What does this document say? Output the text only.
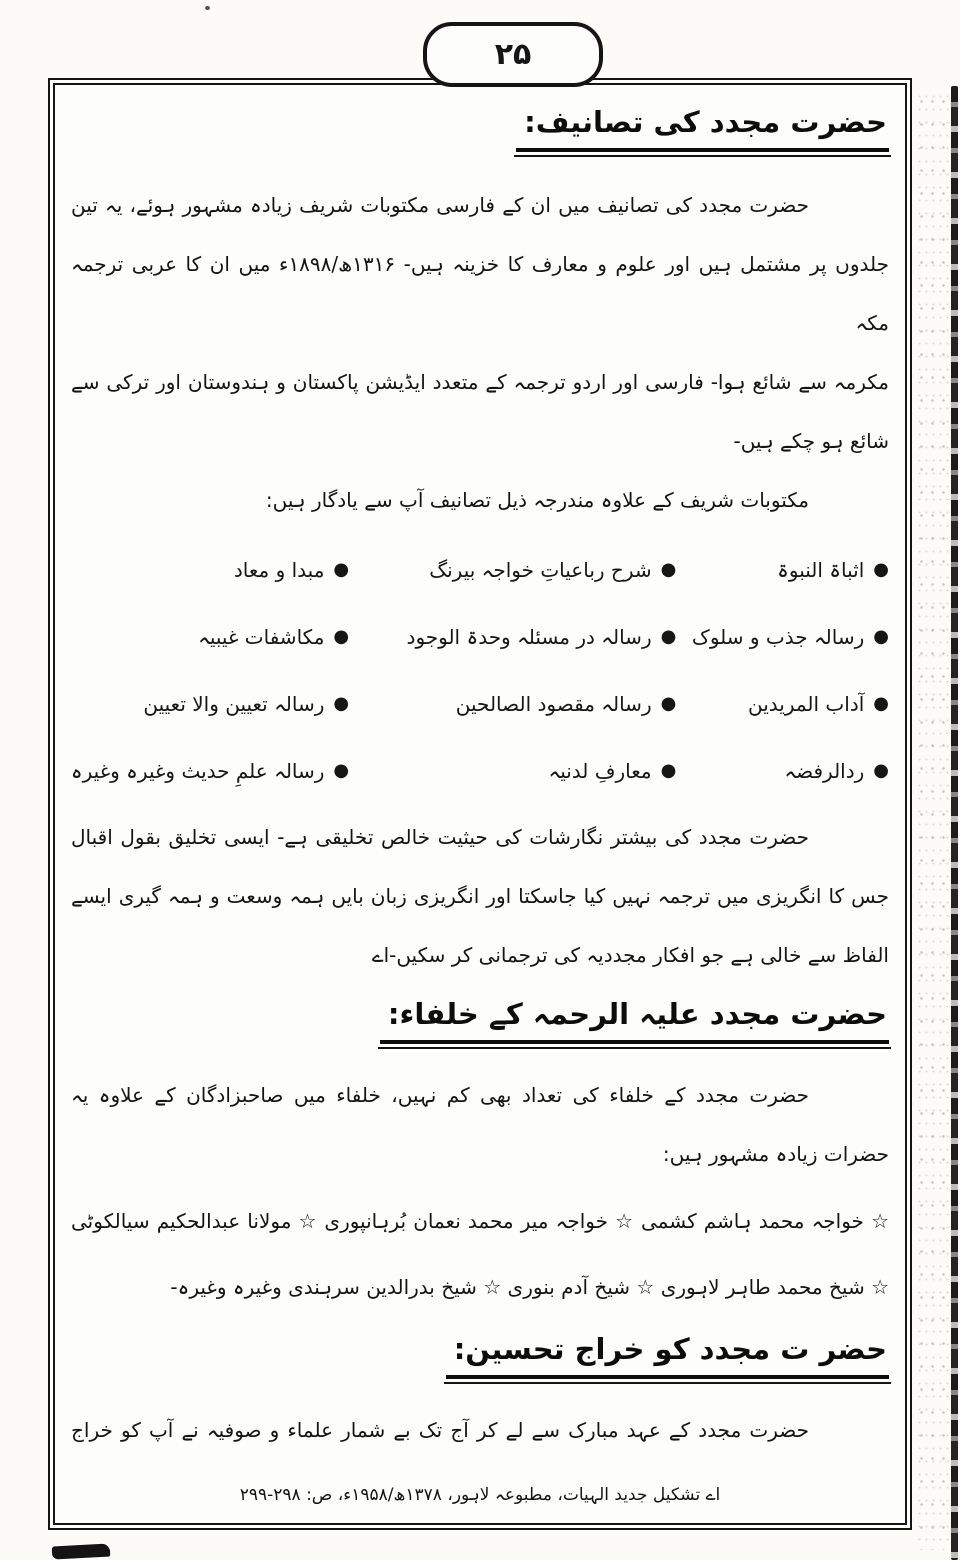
۲۵
حضرت مجدد کی تصانیف:
حضرت مجدد کی تصانیف میں ان کے فارسی مکتوبات شریف زیادہ مشہور ہوئے، یہ تین
جلدوں پر مشتمل ہیں اور علوم و معارف کا خزینہ ہیں- ۱۳۱۶ھ/۱۸۹۸ء میں ان کا عربی ترجمہ مکہ
مکرمہ سے شائع ہوا- فارسی اور اردو ترجمہ کے متعدد ایڈیشن پاکستان و ہندوستان اور ترکی سے
شائع ہو چکے ہیں-
مکتوبات شریف کے علاوہ مندرجہ ذیل تصانیف آپ سے یادگار ہیں:
●
اثباۃ النبوۃ
●
شرح رباعیاتِ خواجہ بیرنگ
●
مبدا و معاد
●
رسالہ جذب و سلوک
●
رسالہ در مسئلہ وحدۃ الوجود
●
مکاشفات غیبیہ
●
آداب المریدین
●
رسالہ مقصود الصالحین
●
رسالہ تعیین والا تعیین
●
ردالرفضہ
●
معارفِ لدنیہ
●
رسالہ علمِ حدیث وغیرہ وغیرہ
حضرت مجدد کی بیشتر نگارشات کی حیثیت خالص تخلیقی ہے- ایسی تخلیق بقول اقبال
جس کا انگریزی میں ترجمہ نہیں کیا جاسکتا اور انگریزی زبان بایں ہمہ وسعت و ہمہ گیری ایسے
الفاظ سے خالی ہے جو افکار مجددیہ کی ترجمانی کر سکیں-اے
حضرت مجدد علیہ الرحمہ کے خلفاء:
حضرت مجدد کے خلفاء کی تعداد بھی کم نہیں، خلفاء میں صاحبزادگان کے علاوہ یہ
حضرات زیادہ مشہور ہیں:
☆ خواجہ محمد ہاشم کشمی ☆ خواجہ میر محمد نعمان بُرہانپوری ☆ مولانا عبدالحکیم سیالکوٹی
☆ شیخ محمد طاہر لاہوری ☆ شیخ آدم بنوری ☆ شیخ بدرالدین سرہندی وغیرہ وغیرہ-
حضر ت مجدد کو خراج تحسین:
حضرت مجدد کے عہد مبارک سے لے کر آج تک بے شمار علماء و صوفیہ نے آپ کو خراج
اے تشکیل جدید الہیات، مطبوعہ لاہور، ۱۳۷۸ھ/۱۹۵۸ء، ص: ۲۹۸-۲۹۹
